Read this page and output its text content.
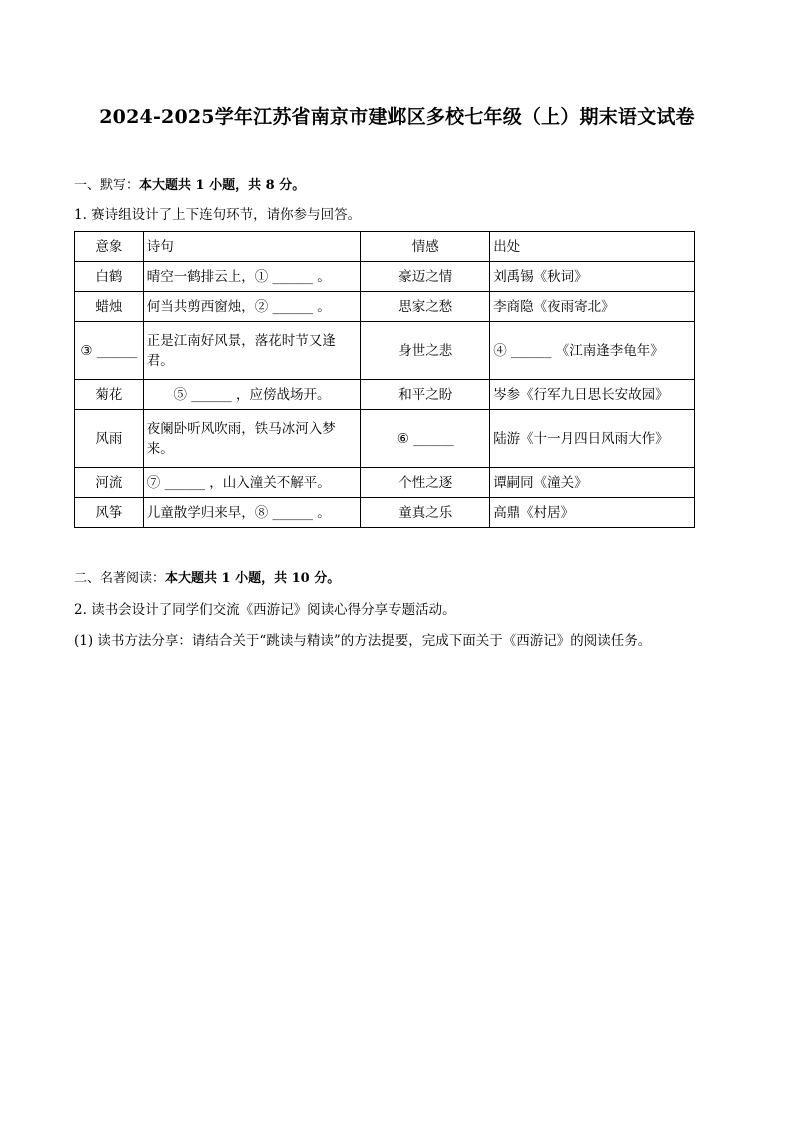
2024-2025学年江苏省南京市建邺区多校七年级（上）期末语文试卷
一、默写：本大题共 1 小题，共 8 分。
1. 赛诗组设计了上下连句环节，请你参与回答。
意象	诗句	情感	出处
白鹤	晴空一鹤排云上，① ______ 。	豪迈之情	刘禹锡《秋词》
蜡烛	何当共剪西窗烛，② ______ 。	思家之愁	李商隐《夜雨寄北》
③ ______	正是江南好风景，落花时节又逢君。	身世之悲	④ ______ 《江南逢李龟年》
菊花	⑤ ______ ，应傍战场开。	和平之盼	岑参《行军九日思长安故园》
风雨	夜阑卧听风吹雨，铁马冰河入梦来。	⑥ ______	陆游《十一月四日风雨大作》
河流	⑦ ______ ，山入潼关不解平。	个性之逐	谭嗣同《潼关》
风筝	儿童散学归来早，⑧ ______ 。	童真之乐	高鼎《村居》
二、名著阅读：本大题共 1 小题，共 10 分。
2. 读书会设计了同学们交流《西游记》阅读心得分享专题活动。
(1) 读书方法分享：请结合关于“跳读与精读”的方法提要，完成下面关于《西游记》的阅读任务。
